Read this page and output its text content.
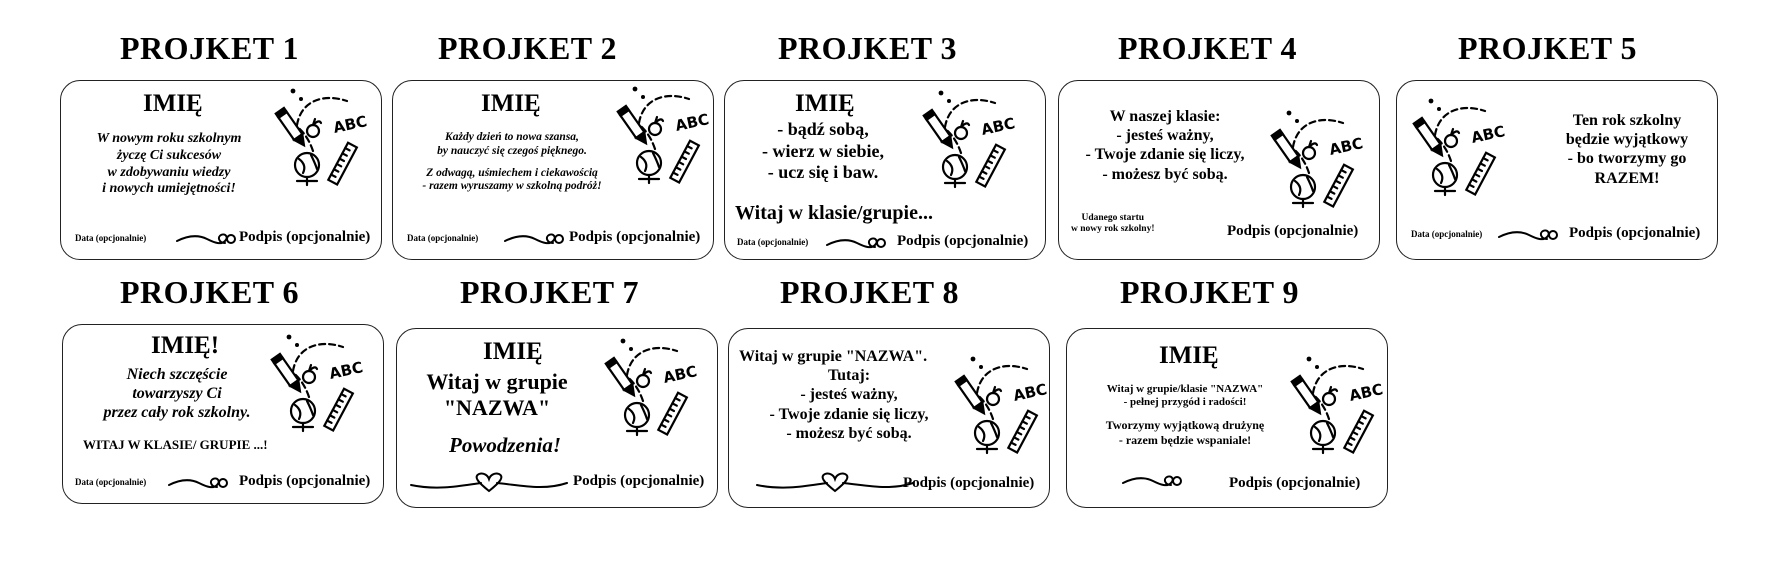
PROJKET 1
IMIĘ
W nowym roku szkolnym
życzę Ci sukcesów
w zdobywaniu wiedzy
i nowych umiejętności!
ABC
Data (opcjonalnie)	Podpis (opcjonalnie)
PROJKET 2
IMIĘ
Każdy dzień to nowa szansa,
by nauczyć się czegoś pięknego.
Z odwagą, uśmiechem i ciekawością
- razem wyruszamy w szkolną podróż!
ABC
Data (opcjonalnie)	Podpis (opcjonalnie)
PROJKET 3
IMIĘ
- bądź sobą,
- wierz w siebie,
- ucz się i baw.
Witaj w klasie/grupie...
ABC
Data (opcjonalnie)	Podpis (opcjonalnie)
PROJKET 4
W naszej klasie:
- jesteś ważny,
- Twoje zdanie się liczy,
- możesz być sobą.
ABC
Udanego startu
w nowy rok szkolny!	Podpis (opcjonalnie)
PROJKET 5
ABC
Ten rok szkolny
będzie wyjątkowy
- bo tworzymy go
RAZEM!
Data (opcjonalnie)	Podpis (opcjonalnie)
PROJKET 6
IMIĘ!
Niech szczęście
towarzyszy Ci
przez cały rok szkolny.
WITAJ W KLASIE/ GRUPIE ...!
ABC
Data (opcjonalnie)	Podpis (opcjonalnie)
PROJKET 7
IMIĘ
Witaj w grupie
"NAZWA"
Powodzenia!
ABC
Podpis (opcjonalnie)
PROJKET 8
Witaj w grupie "NAZWA".
Tutaj:
- jesteś ważny,
- Twoje zdanie się liczy,
- możesz być sobą.
ABC
Podpis (opcjonalnie)
PROJKET 9
IMIĘ
Witaj w grupie/klasie "NAZWA"
- pełnej przygód i radości!
Tworzymy wyjątkową drużynę
- razem będzie wspaniale!
ABC
Podpis (opcjonalnie)
